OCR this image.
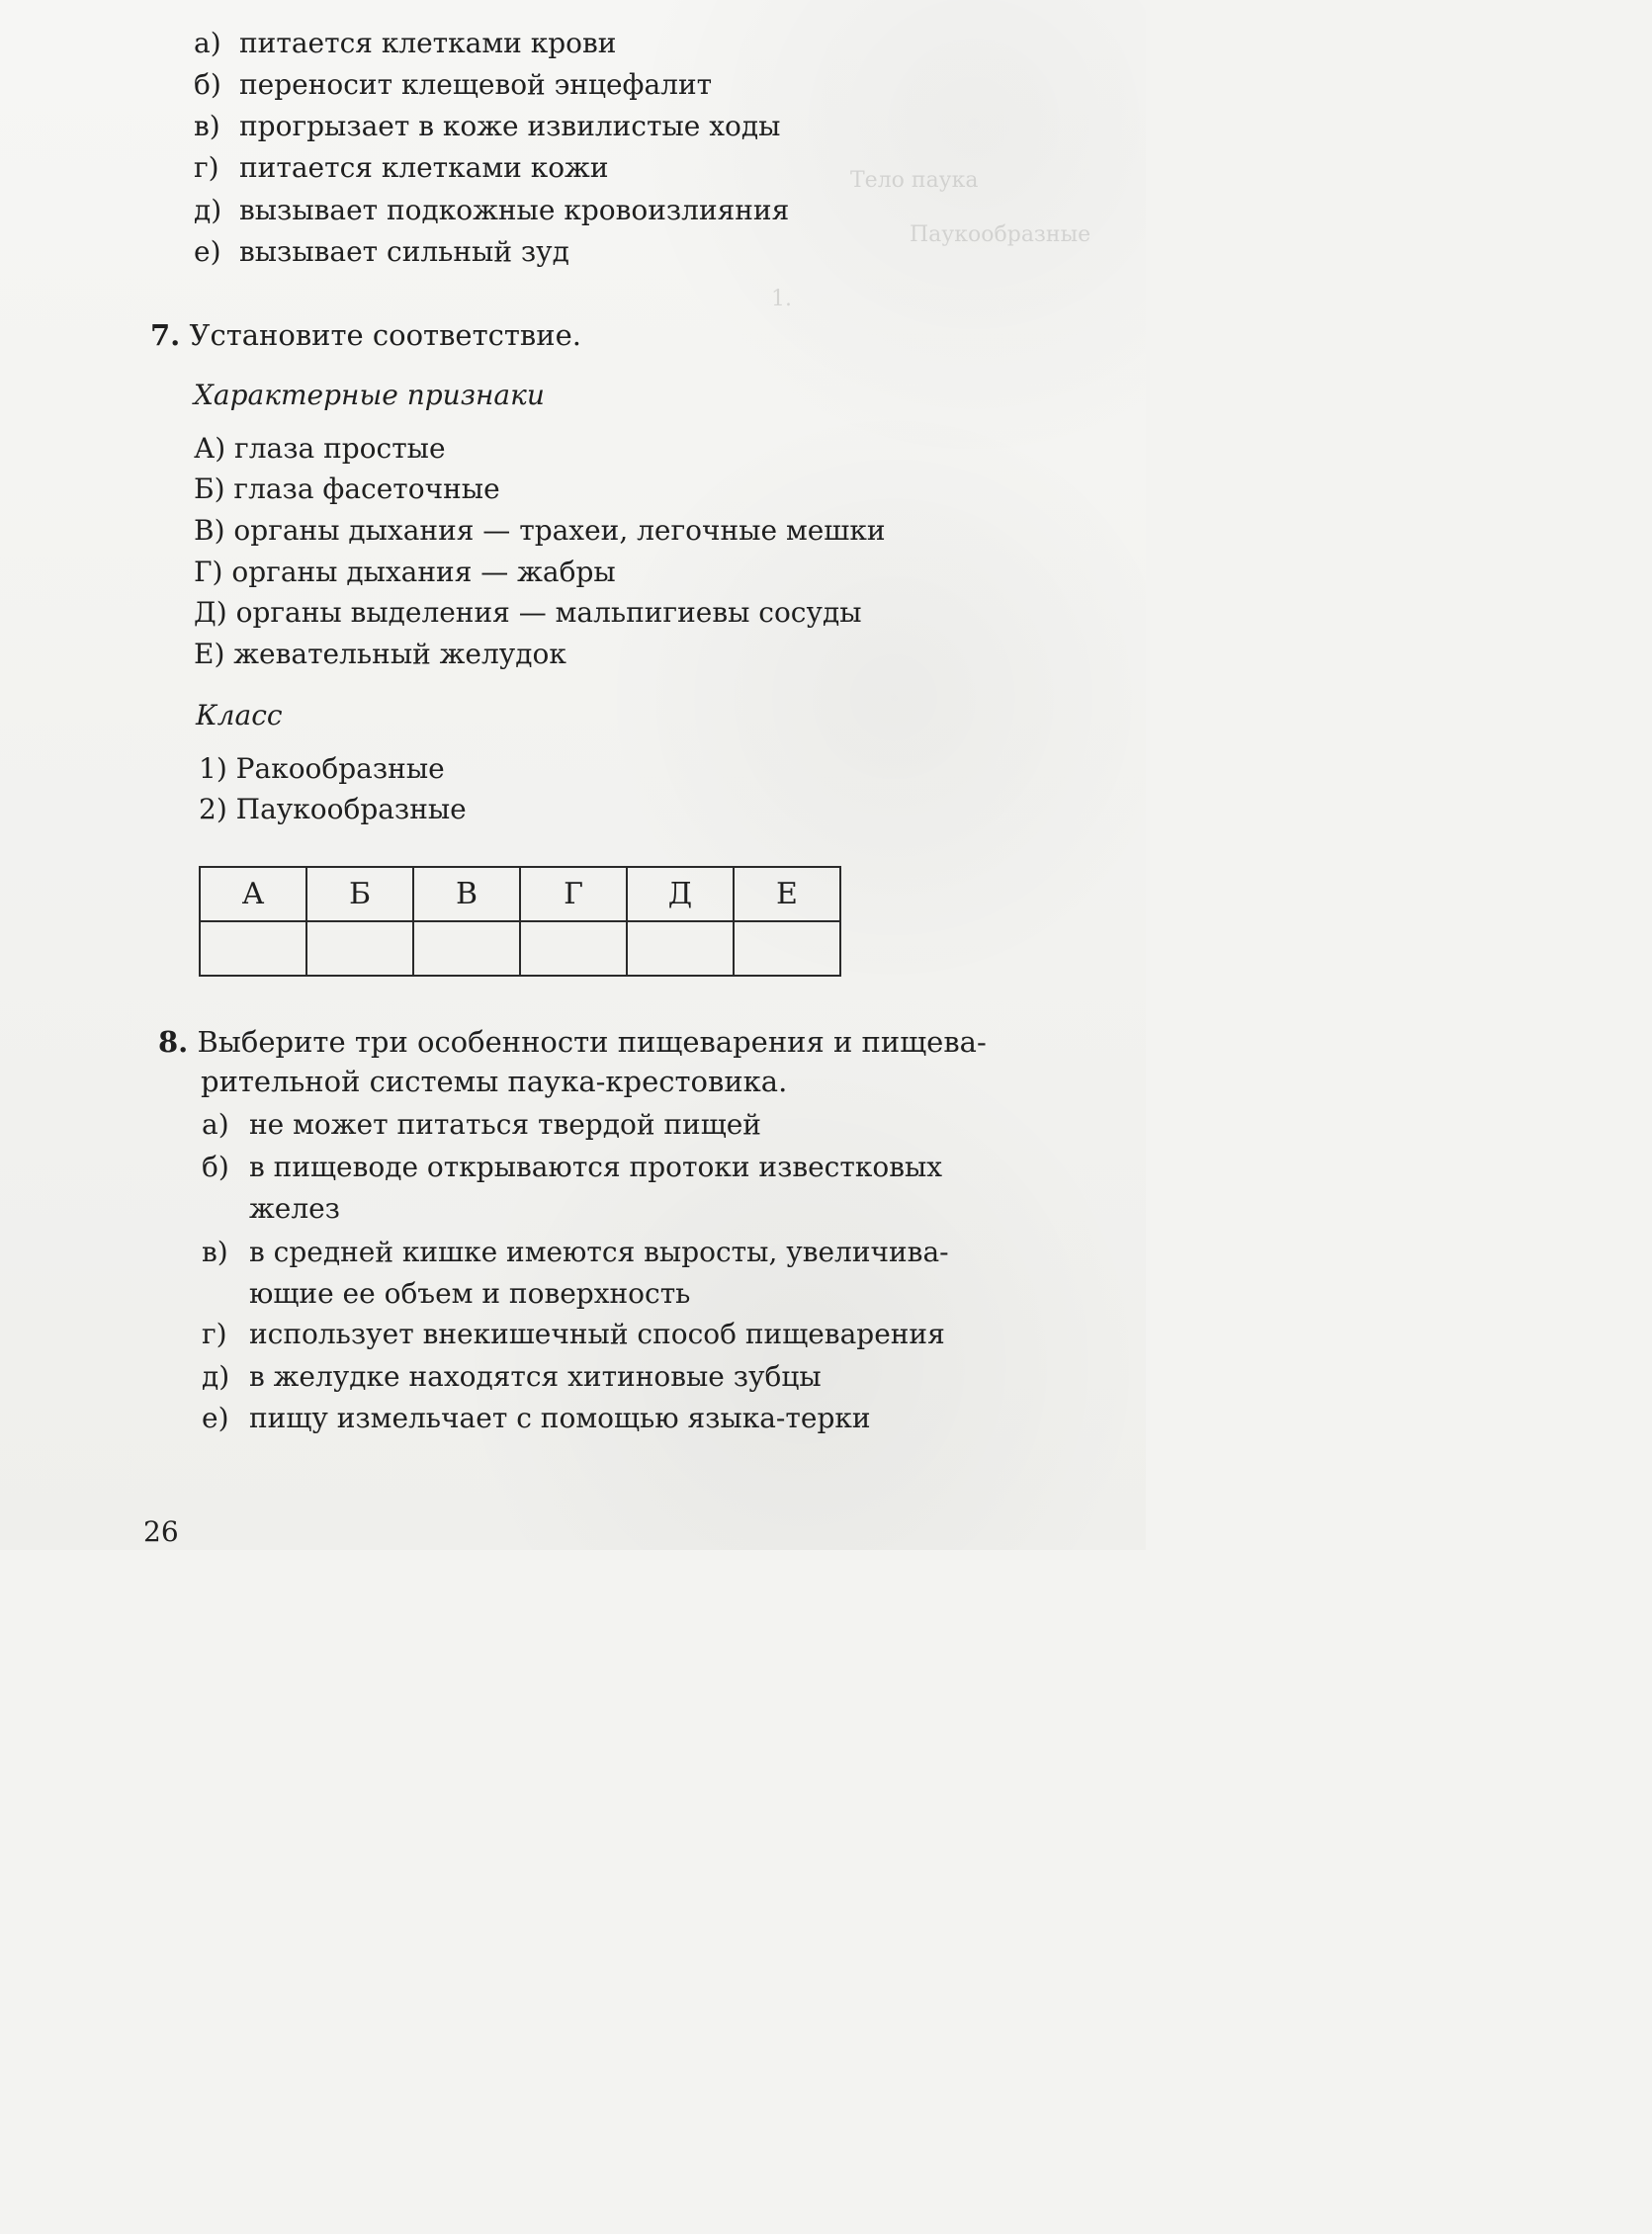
Тело паука
Паукообразные
1.
а) питается клетками крови
б) переносит клещевой энцефалит
в) прогрызает в коже извилистые ходы
г) питается клетками кожи
д) вызывает подкожные кровоизлияния
е) вызывает сильный зуд
7. Установите соответствие.
Характерные признаки
А) глаза простые
Б) глаза фасеточные
В) органы дыхания — трахеи, легочные мешки
Г) органы дыхания — жабры
Д) органы выделения — мальпигиевы сосуды
Е) жевательный желудок
Класс
1) Ракообразные
2) Паукообразные
А	Б	В	Г	Д	Е

8. Выберите три особенности пищеварения и пищева-
рительной системы паука-крестовика.
а) не может питаться твердой пищей
б) в пищеводе открываются протоки известковых
желез
в) в средней кишке имеются выросты, увеличива-
ющие ее объем и поверхность
г) использует внекишечный способ пищеварения
д) в желудке находятся хитиновые зубцы
е) пищу измельчает с помощью языка-терки
26
